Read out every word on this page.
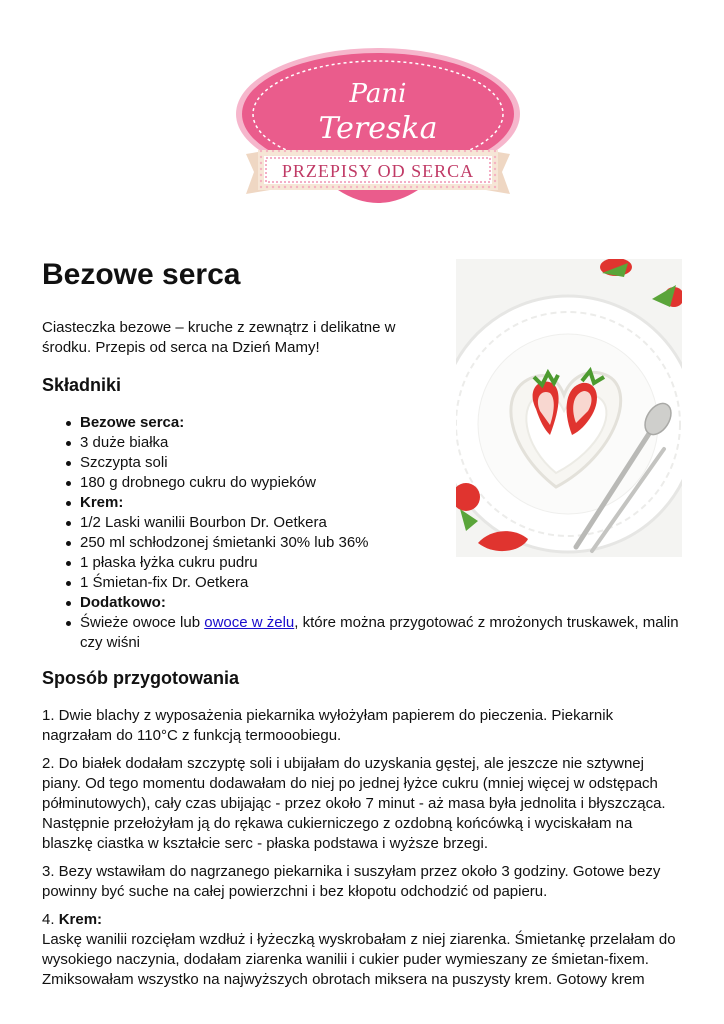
Pani
Tereska
PRZEPISY OD SERCA
Bezowe serca

Ciasteczka bezowe – kruche z zewnątrz i delikatne w środku. Przepis od serca na Dzień Mamy!

Składniki
Bezowe serca:
3 duże białka
Szczypta soli
180 g drobnego cukru do wypieków
Krem:
1/2 Laski wanilii Bourbon Dr. Oetkera
250 ml schłodzonej śmietanki 30% lub 36%
1 płaska łyżka cukru pudru
1 Śmietan-fix Dr. Oetkera
Dodatkowo:
Świeże owoce lub owoce w żelu, które można przygotować z mrożonych truskawek, malin czy wiśni
Sposób przygotowania

1. Dwie blachy z wyposażenia piekarnika wyłożyłam papierem do pieczenia. Piekarnik nagrzałam do 110°C z funkcją termooobiegu.

2. Do białek dodałam szczyptę soli i ubijałam do uzyskania gęstej, ale jeszcze nie sztywnej piany. Od tego momentu dodawałam do niej po jednej łyżce cukru (mniej więcej w odstępach półminutowych), cały czas ubijając - przez około 7 minut - aż masa była jednolita i błyszcząca. Następnie przełożyłam ją do rękawa cukierniczego z ozdobną końcówką i wyciskałam na blaszkę ciastka w kształcie serc - płaska podstawa i wyższe brzegi.

3. Bezy wstawiłam do nagrzanego piekarnika i suszyłam przez około 3 godziny. Gotowe bezy powinny być suche na całej powierzchni i bez kłopotu odchodzić od papieru.

4. Krem:
Laskę wanilii rozcięłam wzdłuż i łyżeczką wyskrobałam z niej ziarenka. Śmietankę przelałam do wysokiego naczynia, dodałam ziarenka wanilii i cukier puder wymieszany ze śmietan-fixem. Zmiksowałam wszystko na najwyższych obrotach miksera na puszysty krem. Gotowy krem
